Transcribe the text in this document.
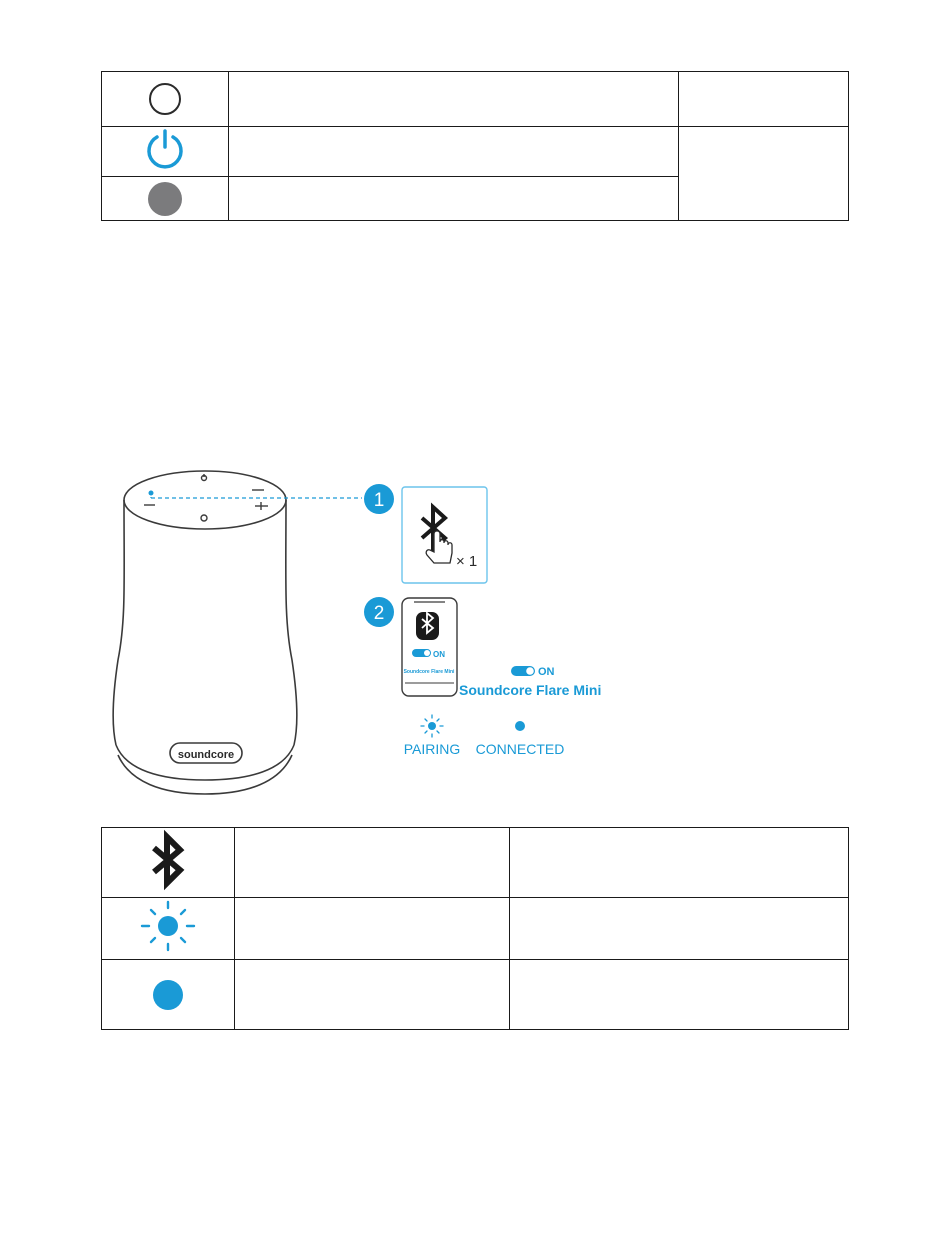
soundcore
1
× 1
2
ON
Soundcore Flare Mini	ON
Soundcore Flare Mini
PAIRING CONNECTED
